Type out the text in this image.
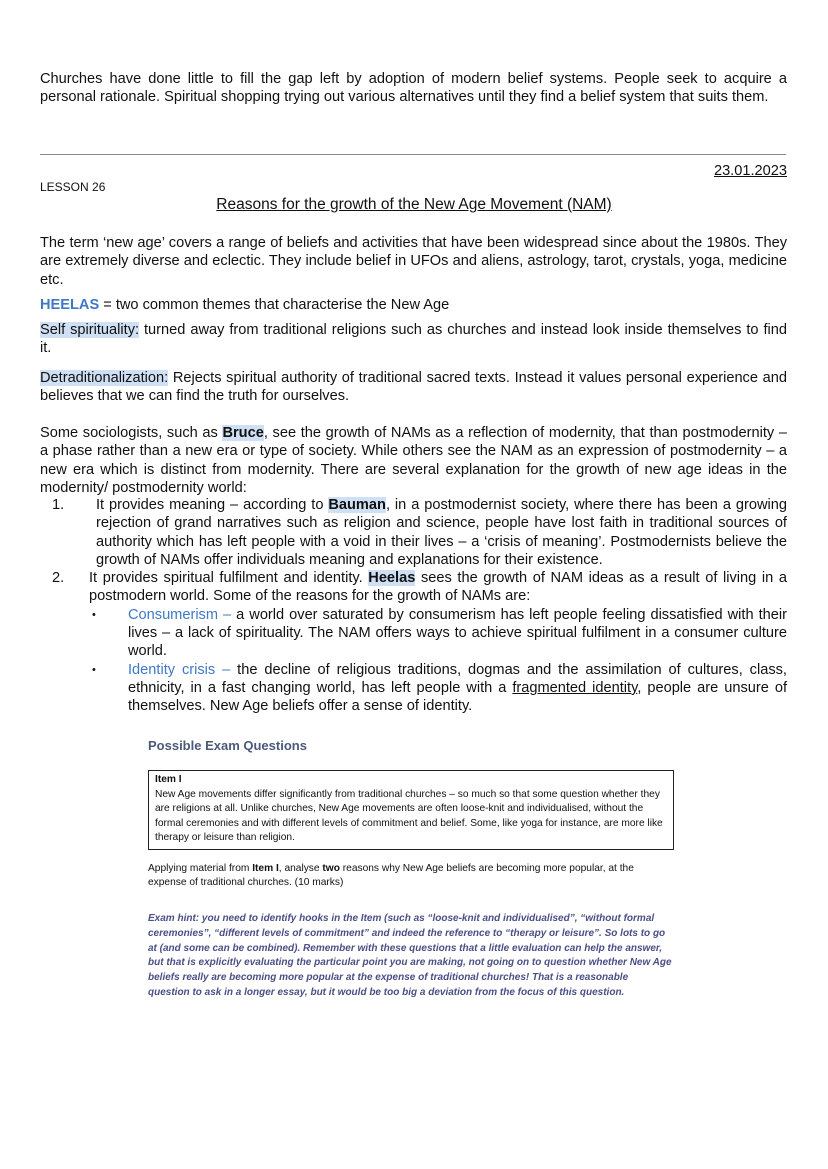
Churches have done little to fill the gap left by adoption of modern belief systems. People seek to acquire a personal rationale. Spiritual shopping trying out various alternatives until they find a belief system that suits them.

23.01.2023
LESSON 26
Reasons for the growth of the New Age Movement (NAM)

The term ‘new age’ covers a range of beliefs and activities that have been widespread since about the 1980s. They are extremely diverse and eclectic. They include belief in UFOs and aliens, astrology, tarot, crystals, yoga, medicine etc.

HEELAS = two common themes that characterise the New Age

Self spirituality: turned away from traditional religions such as churches and instead look inside themselves to find it.

Detraditionalization: Rejects spiritual authority of traditional sacred texts. Instead it values personal experience and believes that we can find the truth for ourselves.

Some sociologists, such as Bruce, see the growth of NAMs as a reflection of modernity, that than postmodernity – a phase rather than a new era or type of society. While others see the NAM as an expression of postmodernity – a new era which is distinct from modernity. There are several explanation for the growth of new age ideas in the modernity/ postmodernity world:

1. It provides meaning – according to Bauman, in a postmodernist society, where there has been a growing rejection of grand narratives such as religion and science, people have lost faith in traditional sources of authority which has left people with a void in their lives – a ‘crisis of meaning’. Postmodernists believe the growth of NAMs offer individuals meaning and explanations for their existence.
2. It provides spiritual fulfilment and identity. Heelas sees the growth of NAM ideas as a result of living in a postmodern world. Some of the reasons for the growth of NAMs are:
• Consumerism – a world over saturated by consumerism has left people feeling dissatisfied with their lives – a lack of spirituality. The NAM offers ways to achieve spiritual fulfilment in a consumer culture world.
• Identity crisis – the decline of religious traditions, dogmas and the assimilation of cultures, class, ethnicity, in a fast changing world, has left people with a fragmented identity, people are unsure of themselves. New Age beliefs offer a sense of identity.
Possible Exam Questions
Item I
New Age movements differ significantly from traditional churches – so much so that some question whether they are religions at all. Unlike churches, New Age movements are often loose-knit and individualised, without the formal ceremonies and with different levels of commitment and belief. Some, like yoga for instance, are more like therapy or leisure than religion.

Applying material from Item I, analyse two reasons why New Age beliefs are becoming more popular, at the expense of traditional churches. (10 marks)

Exam hint: you need to identify hooks in the Item (such as “loose-knit and individualised”, “without formal ceremonies”, “different levels of commitment” and indeed the reference to “therapy or leisure”. So lots to go at (and some can be combined). Remember with these questions that a little evaluation can help the answer, but that is explicitly evaluating the particular point you are making, not going on to question whether New Age beliefs really are becoming more popular at the expense of traditional churches! That is a reasonable question to ask in a longer essay, but it would be too big a deviation from the focus of this question.
